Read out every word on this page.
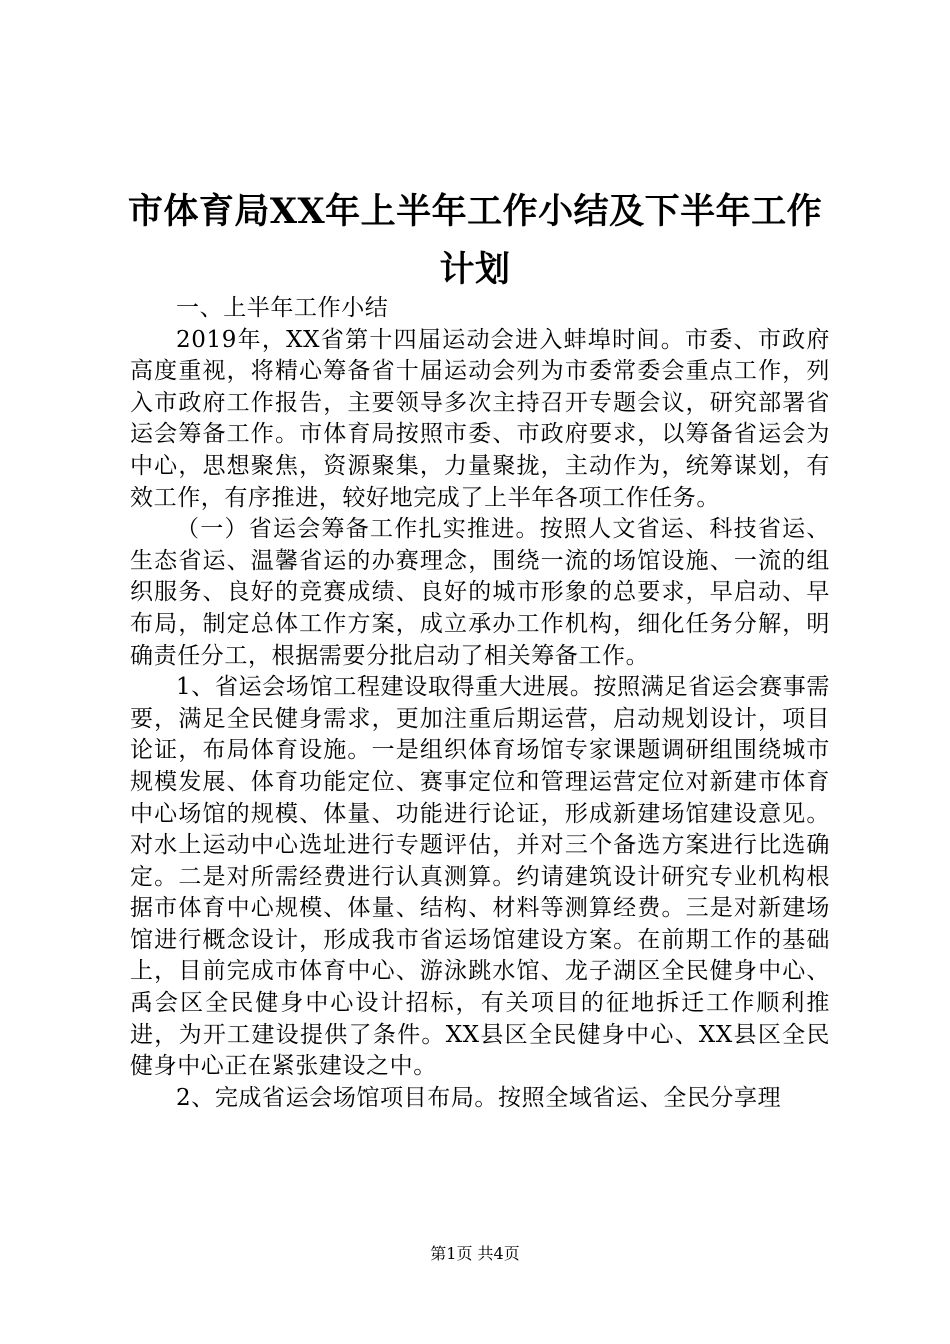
市体育局XX年上半年工作小结及下半年工作计划

一、上半年工作小结

2019年，XX省第十四届运动会进入蚌埠时间。市委、市政府高度重视，将精心筹备省十届运动会列为市委常委会重点工作，列入市政府工作报告，主要领导多次主持召开专题会议，研究部署省运会筹备工作。市体育局按照市委、市政府要求，以筹备省运会为中心，思想聚焦，资源聚集，力量聚拢，主动作为，统筹谋划，有效工作，有序推进，较好地完成了上半年各项工作任务。

（一）省运会筹备工作扎实推进。按照人文省运、科技省运、生态省运、温馨省运的办赛理念，围绕一流的场馆设施、一流的组织服务、良好的竞赛成绩、良好的城市形象的总要求，早启动、早布局，制定总体工作方案，成立承办工作机构，细化任务分解，明确责任分工，根据需要分批启动了相关筹备工作。

1、省运会场馆工程建设取得重大进展。按照满足省运会赛事需要，满足全民健身需求，更加注重后期运营，启动规划设计，项目论证，布局体育设施。一是组织体育场馆专家课题调研组围绕城市规模发展、体育功能定位、赛事定位和管理运营定位对新建市体育中心场馆的规模、体量、功能进行论证，形成新建场馆建设意见。对水上运动中心选址进行专题评估，并对三个备选方案进行比选确定。二是对所需经费进行认真测算。约请建筑设计研究专业机构根据市体育中心规模、体量、结构、材料等测算经费。三是对新建场馆进行概念设计，形成我市省运场馆建设方案。在前期工作的基础上，目前完成市体育中心、游泳跳水馆、龙子湖区全民健身中心、禹会区全民健身中心设计招标，有关项目的征地拆迁工作顺利推进，为开工建设提供了条件。XX县区全民健身中心、XX县区全民健身中心正在紧张建设之中。

2、完成省运会场馆项目布局。按照全域省运、全民分享理

第1页 共4页
